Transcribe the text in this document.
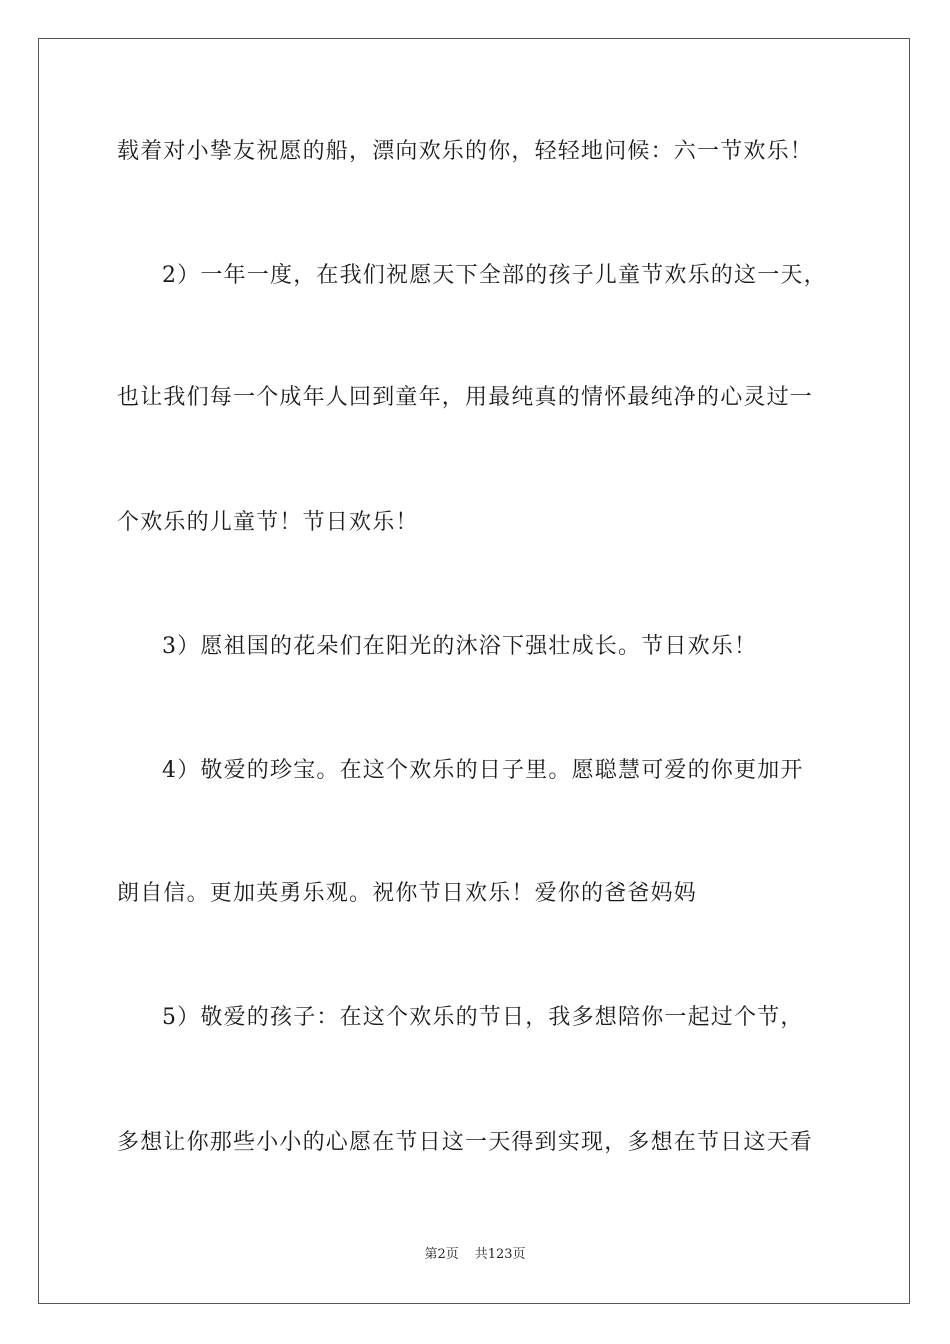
载着对小挚友祝愿的船，漂向欢乐的你，轻轻地问候：六一节欢乐！
2）一年一度，在我们祝愿天下全部的孩子儿童节欢乐的这一天，
也让我们每一个成年人回到童年，用最纯真的情怀最纯净的心灵过一
个欢乐的儿童节！节日欢乐！
3）愿祖国的花朵们在阳光的沐浴下强壮成长。节日欢乐！
4）敬爱的珍宝。在这个欢乐的日子里。愿聪慧可爱的你更加开
朗自信。更加英勇乐观。祝你节日欢乐！爱你的爸爸妈妈
5）敬爱的孩子：在这个欢乐的节日，我多想陪你一起过个节，
多想让你那些小小的心愿在节日这一天得到实现，多想在节日这天看
第2页 共123页
